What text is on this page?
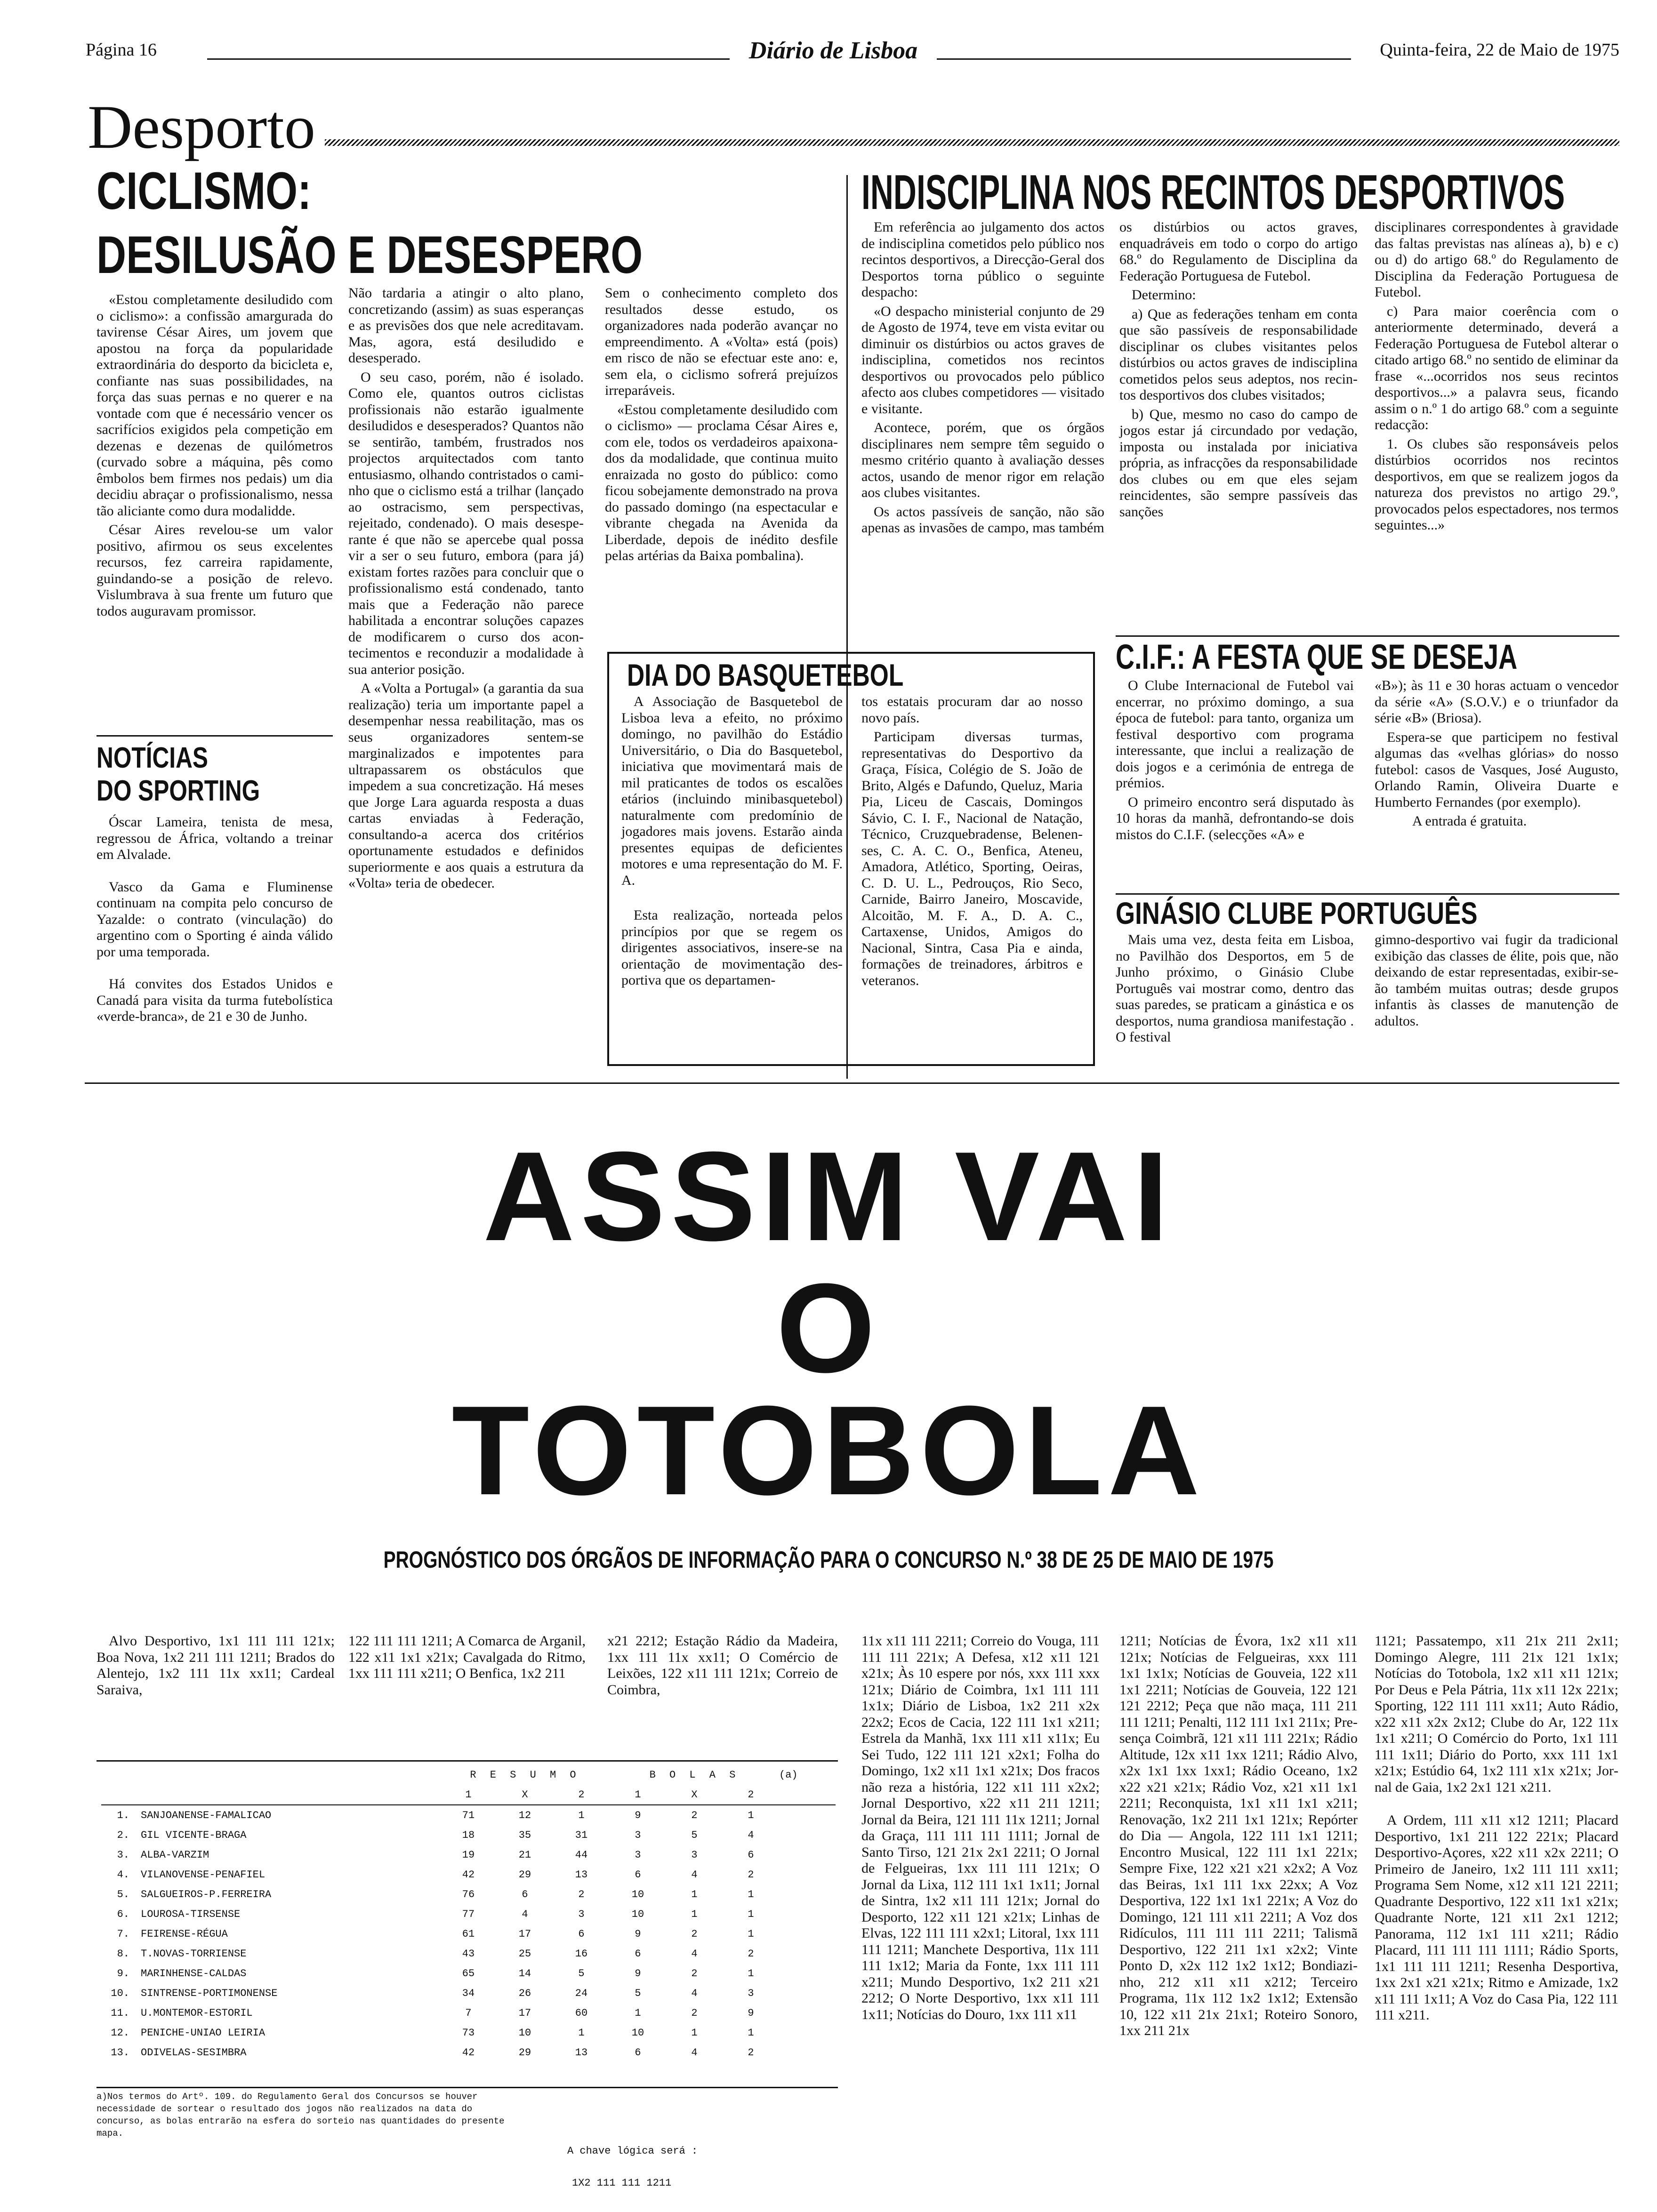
Página 16	Diário de Lisboa	Quinta-feira, 22 de Maio de 1975
Desporto
CICLISMO:
DESILUSÃO E DESESPERO

«Estou completamente desiludido com o ciclismo»: a confissão amargurada do tavirense César Aires, um jovem que apostou na força da popularidade extraordinária do desporto da bicicleta e, confiante nas suas possibilidades, na força das suas pernas e no querer e na vontade com que é necessário vencer os sacrifícios exigidos pela competição em dezenas e dezenas de quilómetros (curvado sobre a máquina, pês como êmbolos bem firmes nos pedais) um dia decidiu abraçar o profissionalismo, nessa tão aliciante como dura modalidde.

César Aires revelou-se um valor positivo, afirmou os seus excelentes recursos, fez carreira rapidamente, guindando-se a posição de relevo. Vislumbrava à sua frente um futuro que todos auguravam promissor.

Não tardaria a atingir o alto plano, concretizando (assim) as suas esperanças e as previsões dos que nele acreditavam. Mas, agora, está desiludido e desesperado.

O seu caso, porém, não é isolado. Como ele, quantos outros ciclistas profissionais não estarão igualmente desiludidos e desesperados? Quantos não se sentirão, também, frustrados nos projectos arquitectados com tanto entusiasmo, olhando contristados o caminho que o ciclismo está a trilhar (lançado ao ostracismo, sem perspectivas, rejeitado, condenado). O mais desesperante é que não se apercebe qual possa vir a ser o seu futuro, embora (para já) existam fortes razões para concluir que o profissionalismo está condenado, tanto mais que a Federação não parece habilitada a encontrar soluções capazes de modificarem o curso dos acontecimentos e reconduzir a modalidade à sua anterior posição.

A «Volta a Portugal» (a garantia da sua realização) teria um importante papel a desempenhar nessa reabilitação, mas os seus organizadores sentem-se marginalizados e impotentes para ultrapassarem os obstáculos que impedem a sua concretização. Há meses que Jorge Lara aguarda resposta a duas cartas enviadas à Federação, consultando-a acerca dos critérios oportunamente estudados e definidos superiormente e aos quais a estrutura da «Volta» teria de obedecer.

Sem o conhecimento completo dos resultados desse estudo, os organizadores nada poderão avançar no empreendimento. A «Volta» está (pois) em risco de não se efectuar este ano: e, sem ela, o ciclismo sofrerá prejuízos irreparáveis.

«Estou completamente desiludido com o ciclismo» — proclama César Aires e, com ele, todos os verdadeiros apaixonados da modalidade, que continua muito enraizada no gosto do público: como ficou sobejamente demonstrado na prova do passado domingo (na espectacular e vibrante chegada na Avenida da Liberdade, depois de inédito desfile pelas artérias da Baixa pombalina).

NOTÍCIAS
DO SPORTING

Óscar Lameira, tenista de mesa, regressou de África, voltando a treinar em Alvalade.

Vasco da Gama e Fluminense continuam na compita pelo concurso de Yazalde: o contrato (vinculação) do argentino com o Sporting é ainda válido por uma temporada.

Há convites dos Estados Unidos e Canadá para visita da turma futebolística «verde-branca», de 21 e 30 de Junho.

INDISCIPLINA NOS RECINTOS DESPORTIVOS

Em referência ao julgamento dos actos de indisciplina cometidos pelo público nos recintos desportivos, a Direcção-Geral dos Desportos torna público o seguinte despacho:

«O despacho ministerial conjunto de 29 de Agosto de 1974, teve em vista evitar ou diminuir os distúrbios ou actos graves de indisciplina, cometidos nos recintos desportivos ou provocados pelo público afecto aos clubes competidores — visitado e visitante.

Acontece, porém, que os órgãos disciplinares nem sempre têm seguido o mesmo critério quanto à avaliação desses actos, usando de menor rigor em relação aos clubes visitantes.

Os actos passíveis de sanção, não são apenas as invasões de campo, mas também

os distúrbios ou actos graves, enquadráveis em todo o corpo do artigo 68.º do Regulamento de Disciplina da Federação Portuguesa de Futebol.

Determino:

a) Que as federações tenham em conta que são passíveis de responsabilidade disciplinar os clubes visitantes pelos distúrbios ou actos graves de indisciplina cometidos pelos seus adeptos, nos recintos desportivos dos clubes visitados;

b) Que, mesmo no caso do campo de jogos estar já circundado por vedação, imposta ou instalada por iniciativa própria, as infracções da responsabilidade dos clubes ou em que eles sejam reincidentes, são sempre passíveis das sanções

disciplinares correspondentes à gravidade das faltas previstas nas alíneas a), b) e c) ou d) do artigo 68.º do Regulamento de Disciplina da Federação Portuguesa de Futebol.

c) Para maior coerência com o anteriormente determinado, deverá a Federação Portuguesa de Futebol alterar o citado artigo 68.º no sentido de eliminar da frase «...ocorridos nos seus recintos desportivos...» a palavra seus, ficando assim o n.º 1 do artigo 68.º com a seguinte redacção:

1. Os clubes são responsáveis pelos distúrbios ocorridos nos recintos desportivos, em que se realizem jogos da natureza dos previstos no artigo 29.º, provocados pelos espectadores, nos termos seguintes...»

DIA DO BASQUETEBOL

A Associação de Basquetebol de Lisboa leva a efeito, no próximo domingo, no pavilhão do Estádio Universitário, o Dia do Basquetebol, iniciativa que movimentará mais de mil praticantes de todos os escalões etários (incluindo minibasquetebol) naturalmente com predomínio de jogadores mais jovens. Estarão ainda presentes equipas de deficientes motores e uma representação do M. F. A.

Esta realização, norteada pelos princípios por que se regem os dirigentes associativos, insere-se na orientação de movimentação desportiva que os departamen-

tos estatais procuram dar ao nosso novo país.

Participam diversas turmas, representativas do Desportivo da Graça, Física, Colégio de S. João de Brito, Algés e Dafundo, Queluz, Maria Pia, Liceu de Cascais, Domingos Sávio, C. I. F., Nacional de Natação, Técnico, Cruzquebradense, Belenenses, C. A. C. O., Benfica, Ateneu, Amadora, Atlético, Sporting, Oeiras, C. D. U. L., Pedrouços, Rio Seco, Carnide, Bairro Janeiro, Moscavide, Alcoitão, M. F. A., D. A. C., Cartaxense, Unidos, Amigos do Nacional, Sintra, Casa Pia e ainda, formações de treinadores, árbitros e veteranos.

C.I.F.: A FESTA QUE SE DESEJA

O Clube Internacional de Futebol vai encerrar, no próximo domingo, a sua época de futebol: para tanto, organiza um festival desportivo com programa interessante, que inclui a realização de dois jogos e a cerimónia de entrega de prémios.

O primeiro encontro será disputado às 10 horas da manhã, defrontando-se dois mistos do C.I.F. (selecções «A» e

«B»); às 11 e 30 horas actuam o vencedor da série «A» (S.O.V.) e o triunfador da série «B» (Briosa).

Espera-se que participem no festival algumas das «velhas glórias» do nosso futebol: casos de Vasques, José Augusto, Orlando Ramin, Oliveira Duarte e Humberto Fernandes (por exemplo).

A entrada é gratuita.

GINÁSIO CLUBE PORTUGUÊS

Mais uma vez, desta feita em Lisboa, no Pavilhão dos Desportos, em 5 de Junho próximo, o Ginásio Clube Português vai mostrar como, dentro das suas paredes, se praticam a ginástica e os desportos, numa grandiosa manifestação . O festival

gimno-desportivo vai fugir da tradicional exibição das classes de élite, pois que, não deixando de estar representadas, exibir-se-ão também muitas outras; desde grupos infantis às classes de manutenção de adultos.

ASSIM VAI
O
TOTOBOLA
PROGNÓSTICO DOS ÓRGÃOS DE INFORMAÇÃO PARA O CONCURSO N.º 38 DE 25 DE MAIO DE 1975

Alvo Desportivo, 1x1 111 111 121x; Boa Nova, 1x2 211 111 1211; Brados do Alentejo, 1x2 111 11x xx11; Cardeal Saraiva,

122 111 111 1211; A Comarca de Arganil, 122 x11 1x1 x21x; Cavalgada do Ritmo, 1xx 111 111 x211; O Benfica, 1x2 211

x21 2212; Estação Rádio da Madeira, 1xx 111 11x xx11; O Comércio de Leixões, 122 x11 111 121x; Correio de Coimbra,

11x x11 111 2211; Correio do Vouga, 111 111 111 221x; A Defesa, x12 x11 121 x21x; Às 10 espere por nós, xxx 111 xxx 121x; Diário de Coimbra, 1x1 111 111 1x1x; Diário de Lisboa, 1x2 211 x2x 22x2; Ecos de Cacia, 122 111 1x1 x211; Estrela da Manhã, 1xx 111 x11 x11x; Eu Sei Tudo, 122 111 121 x2x1; Folha do Domingo, 1x2 x11 1x1 x21x; Dos fracos não reza a história, 122 x11 111 x2x2; Jornal Desportivo, x22 x11 211 1211; Jornal da Beira, 121 111 11x 1211; Jornal da Graça, 111 111 111 1111; Jornal de Santo Tirso, 121 21x 2x1 2211; O Jornal de Felgueiras, 1xx 111 111 121x; O Jornal da Lixa, 112 111 1x1 1x11; Jornal de Sintra, 1x2 x11 111 121x; Jornal do Desporto, 122 x11 121 x21x; Linhas de Elvas, 122 111 111 x2x1; Litoral, 1xx 111 111 1211; Manchete Desportiva, 11x 111 111 1x12; Maria da Fonte, 1xx 111 111 x211; Mundo Desportivo, 1x2 211 x21 2212; O Norte Desportivo, 1xx x11 111 1x11; Notícias do Douro, 1xx 111 x11

1211; Notícias de Évora, 1x2 x11 x11 121x; Notícias de Felgueiras, xxx 111 1x1 1x1x; Notícias de Gouveia, 122 x11 1x1 2211; Notícias de Gouveia, 122 121 121 2212; Peça que não maça, 111 211 111 1211; Penalti, 112 111 1x1 211x; Presença Coimbrã, 121 x11 111 221x; Rádio Altitude, 12x x11 1xx 1211; Rádio Alvo, x2x 1x1 1xx 1xx1; Rádio Oceano, 1x2 x22 x21 x21x; Rádio Voz, x21 x11 1x1 2211; Reconquista, 1x1 x11 1x1 x211; Renovação, 1x2 211 1x1 121x; Repórter do Dia — Angola, 122 111 1x1 1211; Encontro Musical, 122 111 1x1 221x; Sempre Fixe, 122 x21 x21 x2x2; A Voz das Beiras, 1x1 111 1xx 22xx; A Voz Desportiva, 122 1x1 1x1 221x; A Voz do Domingo, 121 111 x11 2211; A Voz dos Ridículos, 111 111 111 2211; Talismã Desportivo, 122 211 1x1 x2x2; Vinte Ponto D, x2x 112 1x2 1x12; Bondiazinho, 212 x11 x11 x212; Terceiro Programa, 11x 112 1x2 1x12; Extensão 10, 122 x11 21x 21x1; Roteiro Sonoro, 1xx 211 21x

1121; Passatempo, x11 21x 211 2x11; Domingo Alegre, 111 21x 121 1x1x; Notícias do Totobola, 1x2 x11 x11 121x; Por Deus e Pela Pátria, 11x x11 12x 221x; Sporting, 122 111 111 xx11; Auto Rádio, x22 x11 x2x 2x12; Clube do Ar, 122 11x 1x1 x211; O Comércio do Porto, 1x1 111 111 1x11; Diário do Porto, xxx 111 1x1 x21x; Estúdio 64, 1x2 111 x1x x21x; Jornal de Gaia, 1x2 2x1 121 x211.

A Ordem, 111 x11 x12 1211; Placard Desportivo, 1x1 211 122 221x; Placard Desportivo-Açores, x22 x11 x2x 2211; O Primeiro de Janeiro, 1x2 111 111 xx11; Programa Sem Nome, x12 x11 121 2211; Quadrante Desportivo, 122 x11 1x1 x21x; Quadrante Norte, 121 x11 2x1 1212; Panorama, 112 1x1 111 x211; Rádio Placard, 111 111 111 1111; Rádio Sports, 1x1 111 111 1211; Resenha Desportiva, 1xx 2x1 x21 x21x; Ritmo e Amizade, 1x2 x11 111 1x11; A Voz do Casa Pia, 122 111 111 x211.

		R E S U M O			B O L A S			(a)
		1	X	2	1	X	2	
1.	SANJOANENSE-FAMALICAO	71	12	1	9	2	1	
2.	GIL VICENTE-BRAGA	18	35	31	3	5	4	
3.	ALBA-VARZIM	19	21	44	3	3	6	
4.	VILANOVENSE-PENAFIEL	42	29	13	6	4	2	
5.	SALGUEIROS-P.FERREIRA	76	6	2	10	1	1	
6.	LOUROSA-TIRSENSE	77	4	3	10	1	1	
7.	FEIRENSE-RÉGUA	61	17	6	9	2	1	
8.	T.NOVAS-TORRIENSE	43	25	16	6	4	2	
9.	MARINHENSE-CALDAS	65	14	5	9	2	1	
10.	SINTRENSE-PORTIMONENSE	34	26	24	5	4	3	
11.	U.MONTEMOR-ESTORIL	7	17	60	1	2	9	
12.	PENICHE-UNIAO LEIRIA	73	10	1	10	1	1	
13.	ODIVELAS-SESIMBRA	42	29	13	6	4	2	
a)Nos termos do Artº. 109. do Regulamento Geral dos Concursos se houver necessidade de sortear o resultado dos jogos não realizados na data do concurso, as bolas entrarão na esfera do sorteio nas quantidades do presente mapa.
A chave lógica será :
1X2 111 111 1211
